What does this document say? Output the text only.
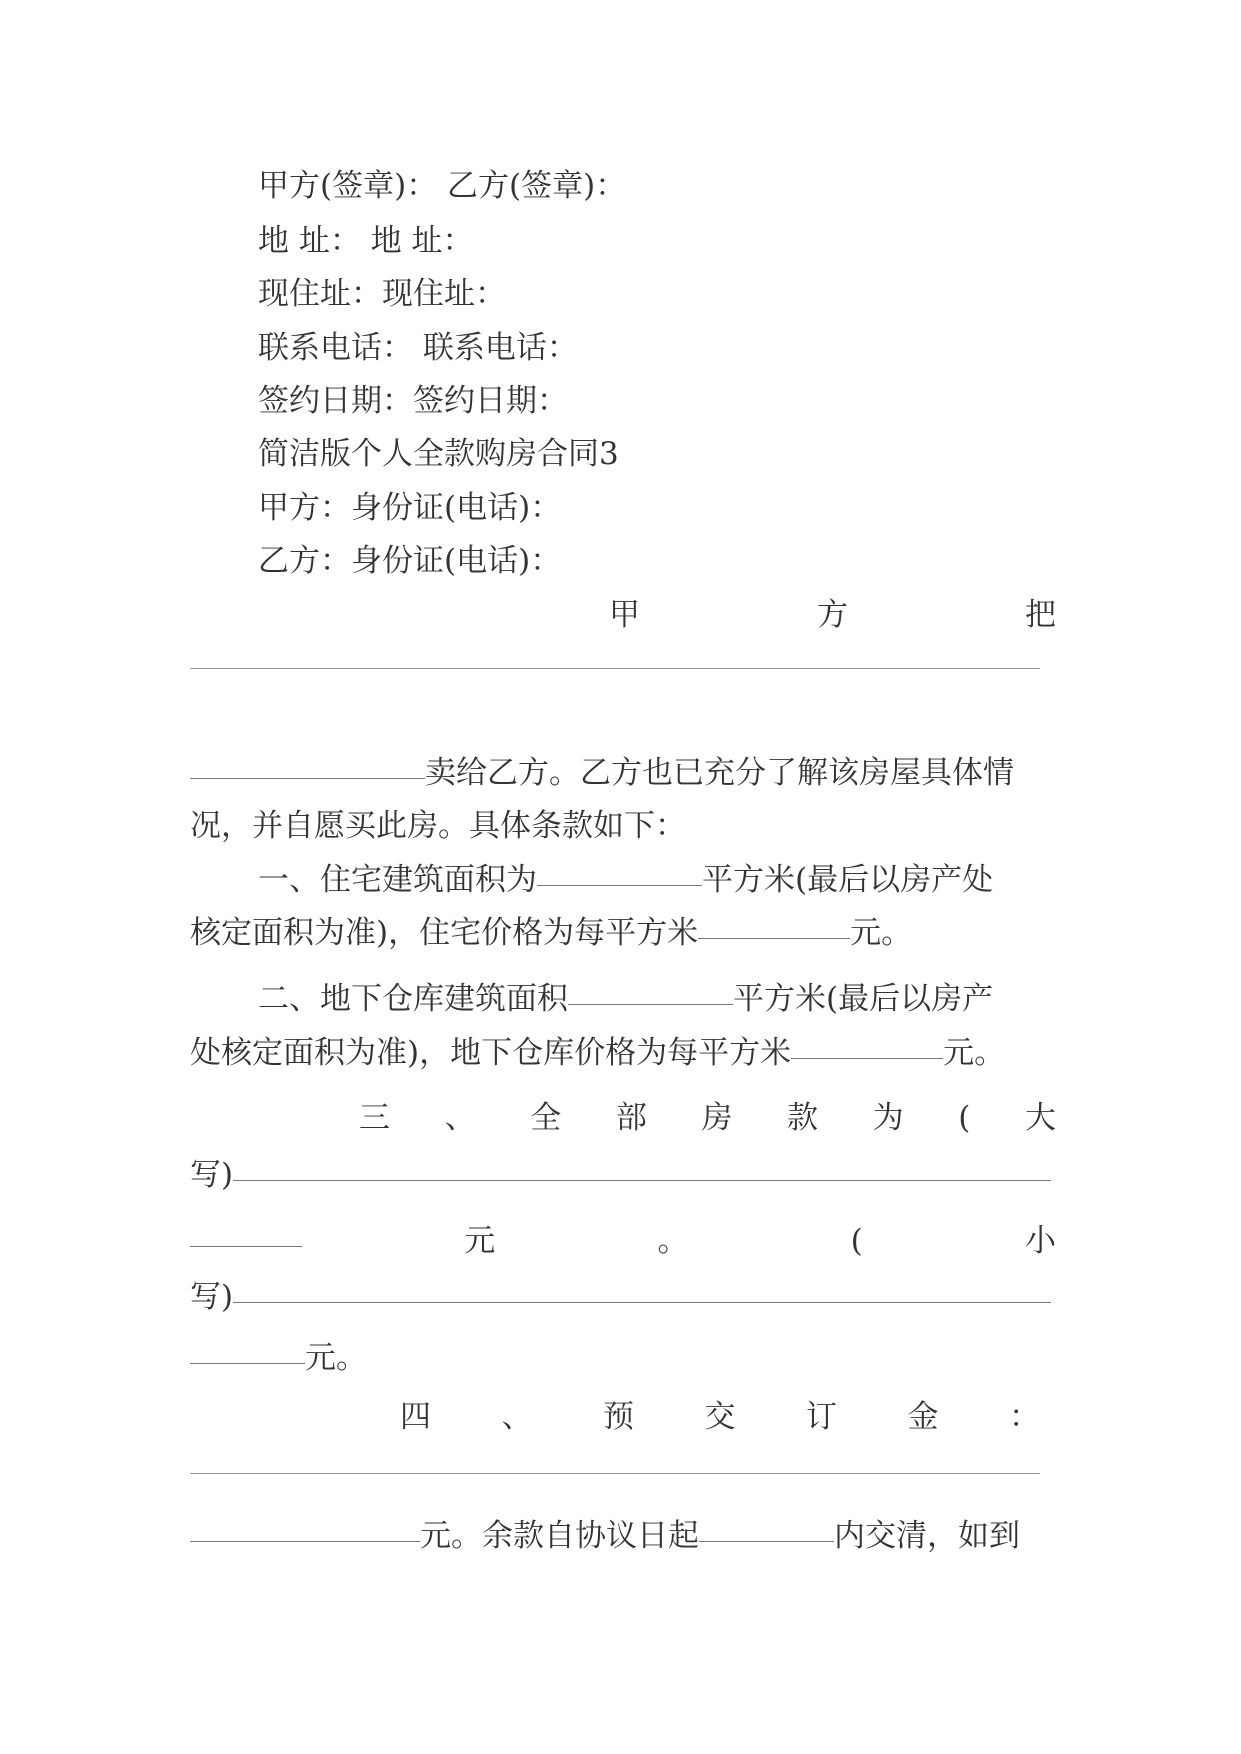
甲方(签章)： 乙方(签章)：
地 址： 地 址：
现住址：现住址：
联系电话： 联系电话：
签约日期：签约日期：
简洁版个人全款购房合同3
甲方：身份证(电话)：
乙方：身份证(电话)：
甲	方	把
卖给乙方。乙方也已充分了解该房屋具体情
况，并自愿买此房。具体条款如下：
一、住宅建筑面积为	平方米(最后以房产处
核定面积为准)，住宅价格为每平方米	元。
二、地下仓库建筑面积	平方米(最后以房产
处核定面积为准)，地下仓库价格为每平方米	元。
三 、 全 部 房 款 为 ( 大
写)
元	。	(	小
写)
元。
四 、 预 交 订 金 ：
元。余款自协议日起	内交清，如到
